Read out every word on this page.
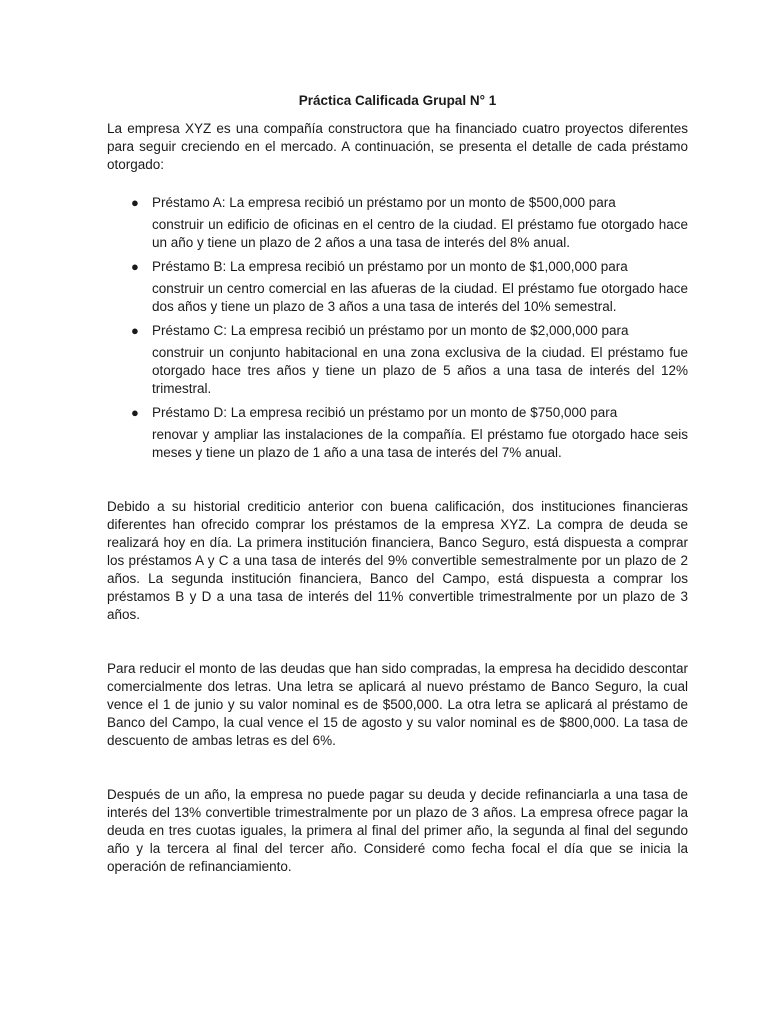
Práctica Calificada Grupal N° 1

La empresa XYZ es una compañía constructora que ha financiado cuatro proyectos diferentes para seguir creciendo en el mercado. A continuación, se presenta el detalle de cada préstamo otorgado:

● Préstamo A: La empresa recibió un préstamo por un monto de $500,000 para
construir un edificio de oficinas en el centro de la ciudad. El préstamo fue otorgado hace un año y tiene un plazo de 2 años a una tasa de interés del 8% anual.

● Préstamo B: La empresa recibió un préstamo por un monto de $1,000,000 para
construir un centro comercial en las afueras de la ciudad. El préstamo fue otorgado hace dos años y tiene un plazo de 3 años a una tasa de interés del 10% semestral.

● Préstamo C: La empresa recibió un préstamo por un monto de $2,000,000 para
construir un conjunto habitacional en una zona exclusiva de la ciudad. El préstamo fue otorgado hace tres años y tiene un plazo de 5 años a una tasa de interés del 12% trimestral.

● Préstamo D: La empresa recibió un préstamo por un monto de $750,000 para
renovar y ampliar las instalaciones de la compañía. El préstamo fue otorgado hace seis meses y tiene un plazo de 1 año a una tasa de interés del 7% anual.

Debido a su historial crediticio anterior con buena calificación, dos instituciones financieras diferentes han ofrecido comprar los préstamos de la empresa XYZ. La compra de deuda se realizará hoy en día. La primera institución financiera, Banco Seguro, está dispuesta a comprar los préstamos A y C a una tasa de interés del 9% convertible semestralmente por un plazo de 2 años. La segunda institución financiera, Banco del Campo, está dispuesta a comprar los préstamos B y D a una tasa de interés del 11% convertible trimestralmente por un plazo de 3 años.

Para reducir el monto de las deudas que han sido compradas, la empresa ha decidido descontar comercialmente dos letras. Una letra se aplicará al nuevo préstamo de Banco Seguro, la cual vence el 1 de junio y su valor nominal es de $500,000. La otra letra se aplicará al préstamo de Banco del Campo, la cual vence el 15 de agosto y su valor nominal es de $800,000. La tasa de descuento de ambas letras es del 6%.

Después de un año, la empresa no puede pagar su deuda y decide refinanciarla a una tasa de interés del 13% convertible trimestralmente por un plazo de 3 años. La empresa ofrece pagar la deuda en tres cuotas iguales, la primera al final del primer año, la segunda al final del segundo año y la tercera al final del tercer año. Consideré como fecha focal el día que se inicia la operación de refinanciamiento.
